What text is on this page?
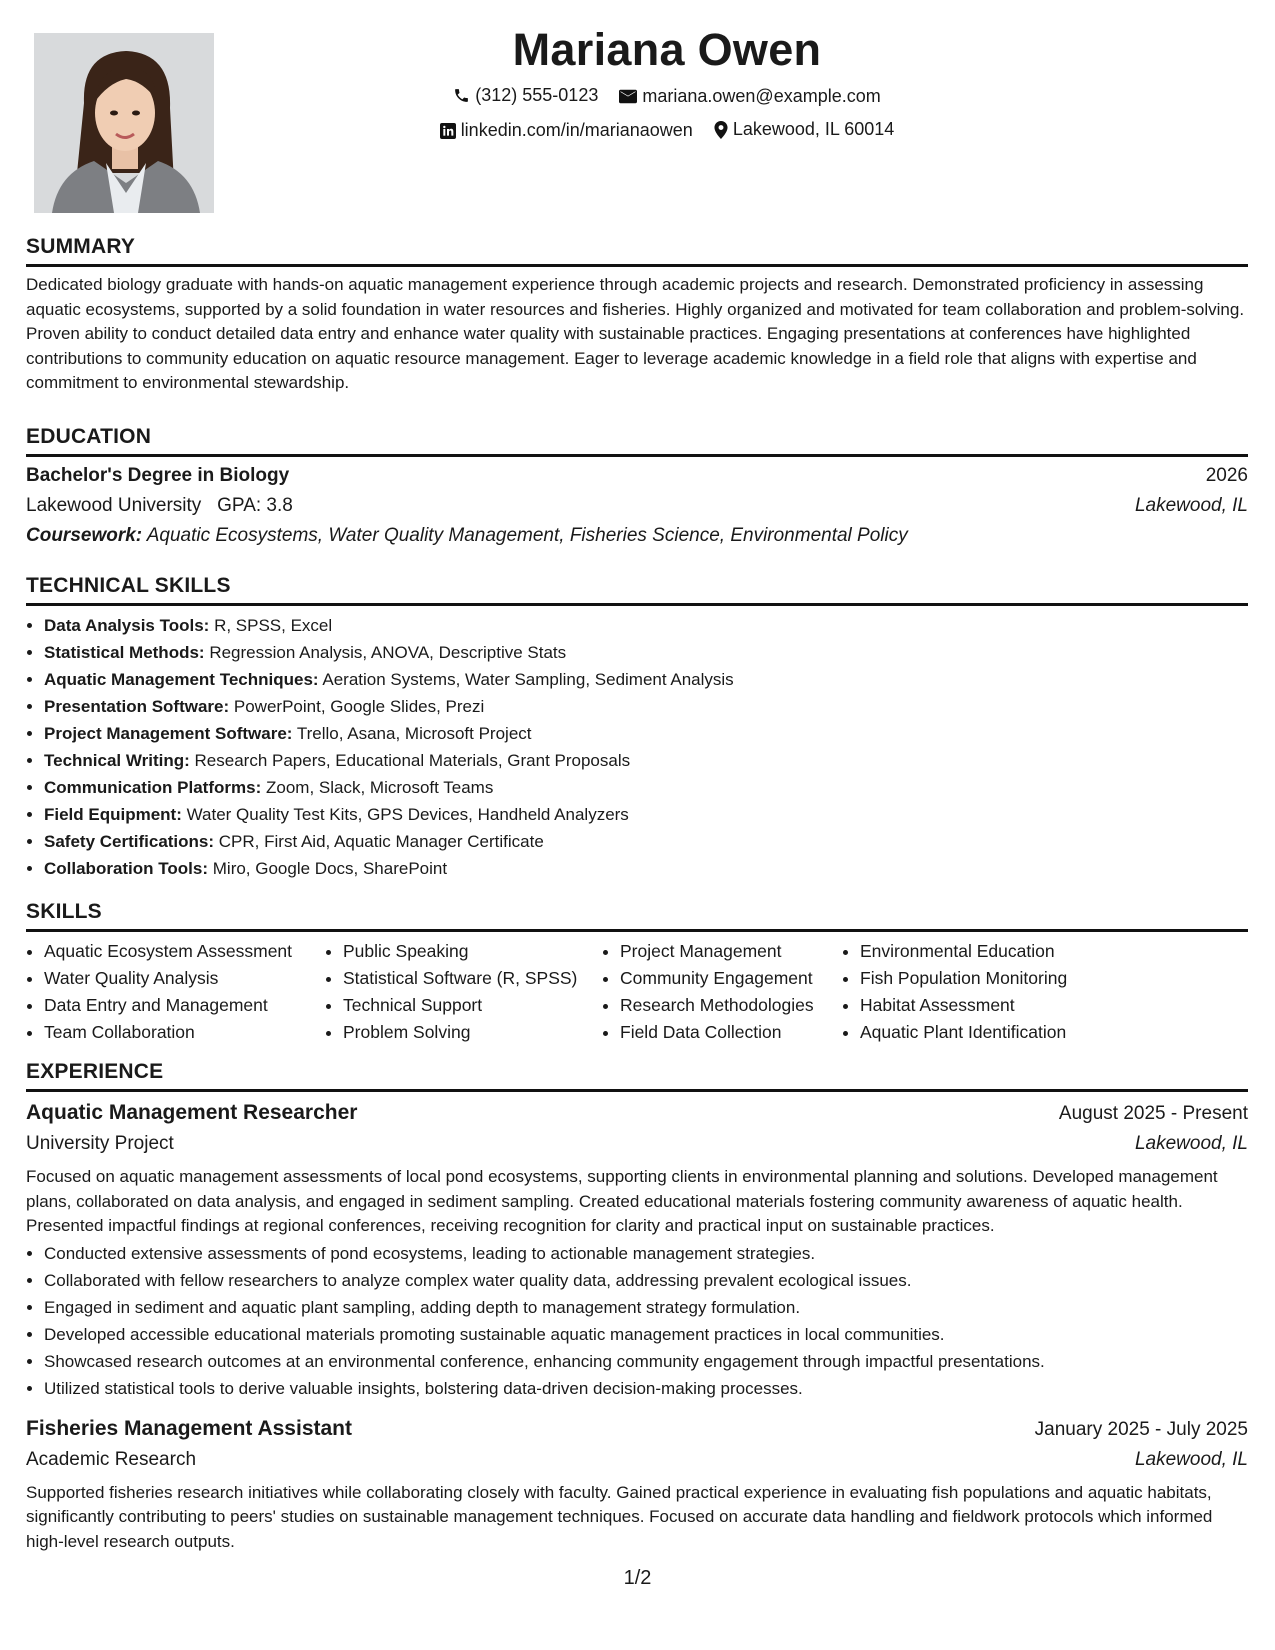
Mariana Owen
(312) 555-0123
mariana.owen@example.com
linkedin.com/in/marianaowen
Lakewood, IL 60014
SUMMARY
Dedicated biology graduate with hands-on aquatic management experience through academic projects and research. Demonstrated proficiency in assessing aquatic ecosystems, supported by a solid foundation in water resources and fisheries. Highly organized and motivated for team collaboration and problem-solving. Proven ability to conduct detailed data entry and enhance water quality with sustainable practices. Engaging presentations at conferences have highlighted contributions to community education on aquatic resource management. Eager to leverage academic knowledge in a field role that aligns with expertise and commitment to environmental stewardship.
EDUCATION
Bachelor's Degree in Biology	2026
Lakewood University GPA: 3.8	Lakewood, IL
Coursework: Aquatic Ecosystems, Water Quality Management, Fisheries Science, Environmental Policy
TECHNICAL SKILLS
• Data Analysis Tools: R, SPSS, Excel
• Statistical Methods: Regression Analysis, ANOVA, Descriptive Stats
• Aquatic Management Techniques: Aeration Systems, Water Sampling, Sediment Analysis
• Presentation Software: PowerPoint, Google Slides, Prezi
• Project Management Software: Trello, Asana, Microsoft Project
• Technical Writing: Research Papers, Educational Materials, Grant Proposals
• Communication Platforms: Zoom, Slack, Microsoft Teams
• Field Equipment: Water Quality Test Kits, GPS Devices, Handheld Analyzers
• Safety Certifications: CPR, First Aid, Aquatic Manager Certificate
• Collaboration Tools: Miro, Google Docs, SharePoint
SKILLS
• Aquatic Ecosystem Assessment
• Water Quality Analysis
• Data Entry and Management
• Team Collaboration
• Public Speaking
• Statistical Software (R, SPSS)
• Technical Support
• Problem Solving
• Project Management
• Community Engagement
• Research Methodologies
• Field Data Collection
• Environmental Education
• Fish Population Monitoring
• Habitat Assessment
• Aquatic Plant Identification
EXPERIENCE
Aquatic Management Researcher	August 2025 - Present
University Project	Lakewood, IL
Focused on aquatic management assessments of local pond ecosystems, supporting clients in environmental planning and solutions. Developed management plans, collaborated on data analysis, and engaged in sediment sampling. Created educational materials fostering community awareness of aquatic health. Presented impactful findings at regional conferences, receiving recognition for clarity and practical input on sustainable practices.
• Conducted extensive assessments of pond ecosystems, leading to actionable management strategies.
• Collaborated with fellow researchers to analyze complex water quality data, addressing prevalent ecological issues.
• Engaged in sediment and aquatic plant sampling, adding depth to management strategy formulation.
• Developed accessible educational materials promoting sustainable aquatic management practices in local communities.
• Showcased research outcomes at an environmental conference, enhancing community engagement through impactful presentations.
• Utilized statistical tools to derive valuable insights, bolstering data-driven decision-making processes.
Fisheries Management Assistant	January 2025 - July 2025
Academic Research	Lakewood, IL
Supported fisheries research initiatives while collaborating closely with faculty. Gained practical experience in evaluating fish populations and aquatic habitats, significantly contributing to peers' studies on sustainable management techniques. Focused on accurate data handling and fieldwork protocols which informed high-level research outputs.
1/2
